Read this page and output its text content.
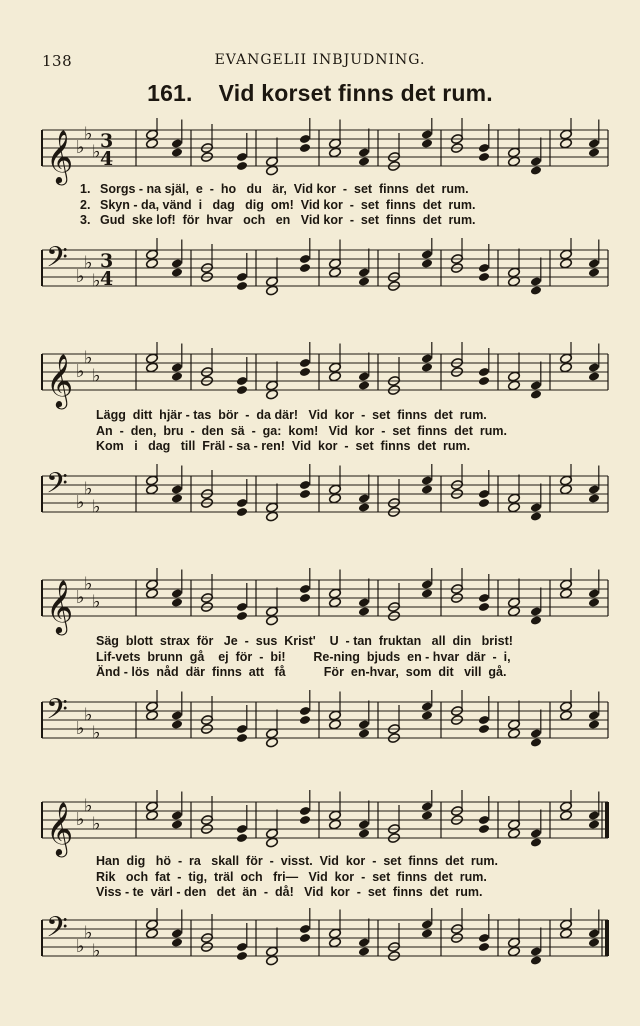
138	EVANGELII INBJUDNING.
161. Vid korset finns det rum.
𝄞 ♭
♭
♭ 3
4
1. Sorgs - na själ,  e  -  ho   du   är,  Vid kor  -  set  finns  det  rum.
2. Skyn - da, vänd  i   dag   dig  om!  Vid kor  -  set  finns  det  rum.
3. Gud  ske lof!  för  hvar   och   en   Vid kor  -  set  finns  det  rum.
𝄢 ♭
♭
♭
3
4
𝄞 ♭
♭
♭
Lägg  ditt  hjär - tas  bör  -  da där!   Vid  kor  -  set  finns  det  rum.
An  -  den,  bru  -  den  sä  -  ga:  kom!   Vid  kor  -  set  finns  det  rum.
Kom   i   dag   till  Fräl - sa - ren!  Vid  kor  -  set  finns  det  rum.
𝄢 ♭
♭
♭
𝄞 ♭
♭
♭
Säg  blott  strax  för   Je  -  sus  Krist'    U  - tan  fruktan   all  din   brist!
Lif-vets  brunn  gå    ej  för  -  bi!        Re-ning  bjuds  en - hvar  där  -  i,
Änd - lös  nåd  där  finns  att   få           För  en-hvar,  som  dit   vill  gå.
𝄢 ♭
♭
♭
𝄞 ♭
♭
♭
Han  dig   hö  -  ra   skall  för  -  visst.  Vid  kor  -  set  finns  det  rum.
Rik   och  fat  -  tig,  träl  och   fri—   Vid  kor  -  set  finns  det  rum.
Viss - te  värl - den   det  än  -  då!   Vid  kor  -  set  finns  det  rum.
𝄢 ♭
♭
♭
